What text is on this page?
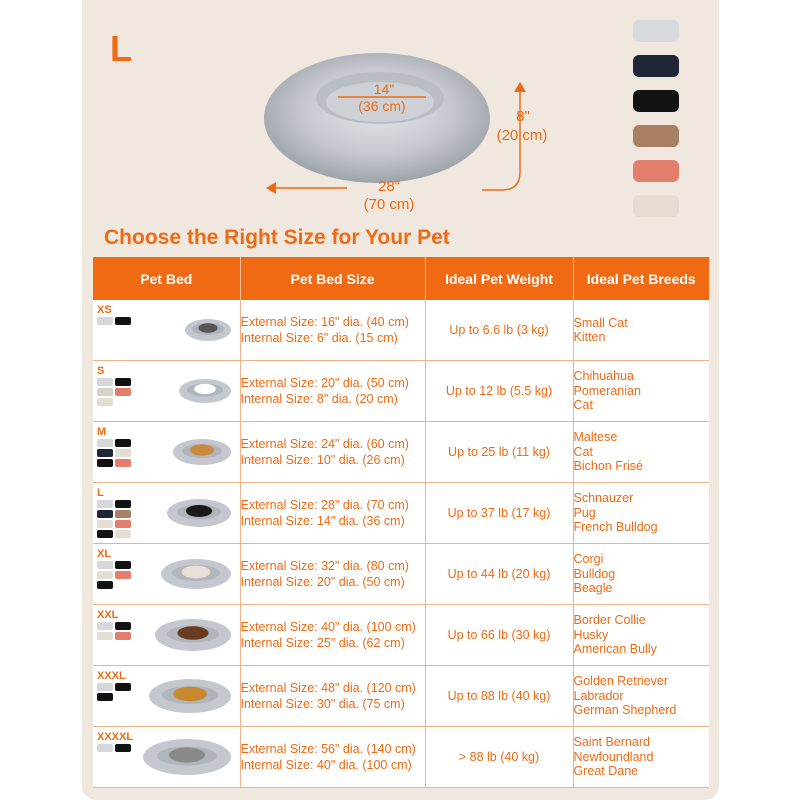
L
14"
(36 cm)
8"
(20 cm)
28"
(70 cm)
Choose the Right Size for Your Pet
Pet Bed	Pet Bed Size	Ideal Pet Weight	Ideal Pet Breeds

XS	External Size: 16" dia. (40 cm)
Internal Size: 6" dia. (15 cm)	Up to 6.6 lb (3 kg)	Small Cat
Kitten

S	External Size: 20" dia. (50 cm)
Internal Size: 8" dia. (20 cm)	Up to 12 lb (5.5 kg)	Chihuahua
Pomeranian
Cat

M	External Size: 24" dia. (60 cm)
Internal Size: 10" dia. (26 cm)	Up to 25 lb (11 kg)	Maltese
Cat
Bichon Frisé

L	External Size: 28" dia. (70 cm)
Internal Size: 14" dia. (36 cm)	Up to 37 lb (17 kg)	Schnauzer
Pug
French Bulldog

XL	External Size: 32" dia. (80 cm)
Internal Size: 20" dia. (50 cm)	Up to 44 lb (20 kg)	Corgi
Bulldog
Beagle

XXL	External Size: 40" dia. (100 cm)
Internal Size: 25" dia. (62 cm)	Up to 66 lb (30 kg)	Border Collie
Husky
American Bully

XXXL	External Size: 48" dia. (120 cm)
Internal Size: 30" dia. (75 cm)	Up to 88 lb (40 kg)	Golden Retriever
Labrador
German Shepherd

XXXXL	External Size: 56" dia. (140 cm)
Internal Size: 40" dia. (100 cm)	> 88 lb (40 kg)	Saint Bernard
Newfoundland
Great Dane
